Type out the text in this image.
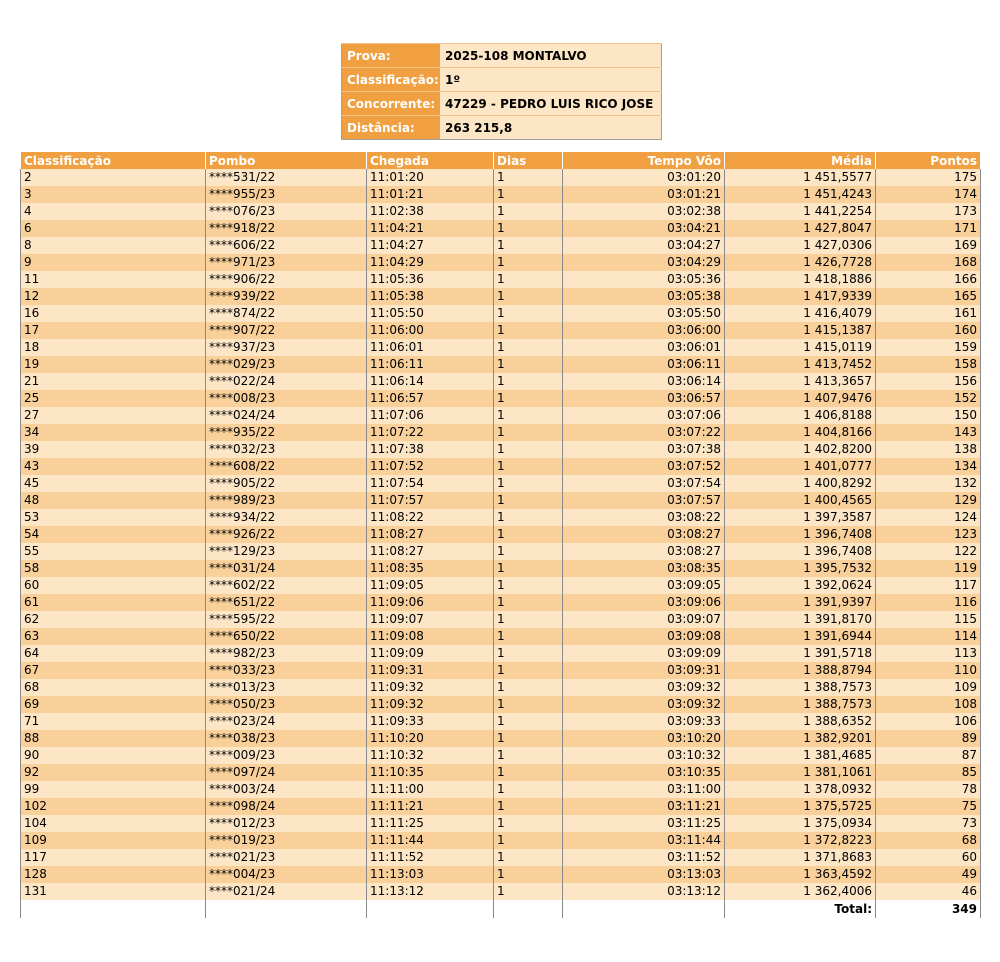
Prova:	2025-108 MONTALVO
Classificação:	1º
Concorrente:	47229 - PEDRO LUIS RICO JOSE
Distância:	263 215,8
Classificação	Pombo	Chegada	Dias	Tempo Vôo	Média	Pontos
2	****531/22	11:01:20	1	03:01:20	1 451,5577	175
3	****955/23	11:01:21	1	03:01:21	1 451,4243	174
4	****076/23	11:02:38	1	03:02:38	1 441,2254	173
6	****918/22	11:04:21	1	03:04:21	1 427,8047	171
8	****606/22	11:04:27	1	03:04:27	1 427,0306	169
9	****971/23	11:04:29	1	03:04:29	1 426,7728	168
11	****906/22	11:05:36	1	03:05:36	1 418,1886	166
12	****939/22	11:05:38	1	03:05:38	1 417,9339	165
16	****874/22	11:05:50	1	03:05:50	1 416,4079	161
17	****907/22	11:06:00	1	03:06:00	1 415,1387	160
18	****937/23	11:06:01	1	03:06:01	1 415,0119	159
19	****029/23	11:06:11	1	03:06:11	1 413,7452	158
21	****022/24	11:06:14	1	03:06:14	1 413,3657	156
25	****008/23	11:06:57	1	03:06:57	1 407,9476	152
27	****024/24	11:07:06	1	03:07:06	1 406,8188	150
34	****935/22	11:07:22	1	03:07:22	1 404,8166	143
39	****032/23	11:07:38	1	03:07:38	1 402,8200	138
43	****608/22	11:07:52	1	03:07:52	1 401,0777	134
45	****905/22	11:07:54	1	03:07:54	1 400,8292	132
48	****989/23	11:07:57	1	03:07:57	1 400,4565	129
53	****934/22	11:08:22	1	03:08:22	1 397,3587	124
54	****926/22	11:08:27	1	03:08:27	1 396,7408	123
55	****129/23	11:08:27	1	03:08:27	1 396,7408	122
58	****031/24	11:08:35	1	03:08:35	1 395,7532	119
60	****602/22	11:09:05	1	03:09:05	1 392,0624	117
61	****651/22	11:09:06	1	03:09:06	1 391,9397	116
62	****595/22	11:09:07	1	03:09:07	1 391,8170	115
63	****650/22	11:09:08	1	03:09:08	1 391,6944	114
64	****982/23	11:09:09	1	03:09:09	1 391,5718	113
67	****033/23	11:09:31	1	03:09:31	1 388,8794	110
68	****013/23	11:09:32	1	03:09:32	1 388,7573	109
69	****050/23	11:09:32	1	03:09:32	1 388,7573	108
71	****023/24	11:09:33	1	03:09:33	1 388,6352	106
88	****038/23	11:10:20	1	03:10:20	1 382,9201	89
90	****009/23	11:10:32	1	03:10:32	1 381,4685	87
92	****097/24	11:10:35	1	03:10:35	1 381,1061	85
99	****003/24	11:11:00	1	03:11:00	1 378,0932	78
102	****098/24	11:11:21	1	03:11:21	1 375,5725	75
104	****012/23	11:11:25	1	03:11:25	1 375,0934	73
109	****019/23	11:11:44	1	03:11:44	1 372,8223	68
117	****021/23	11:11:52	1	03:11:52	1 371,8683	60
128	****004/23	11:13:03	1	03:13:03	1 363,4592	49
131	****021/24	11:13:12	1	03:13:12	1 362,4006	46
					Total:	349
